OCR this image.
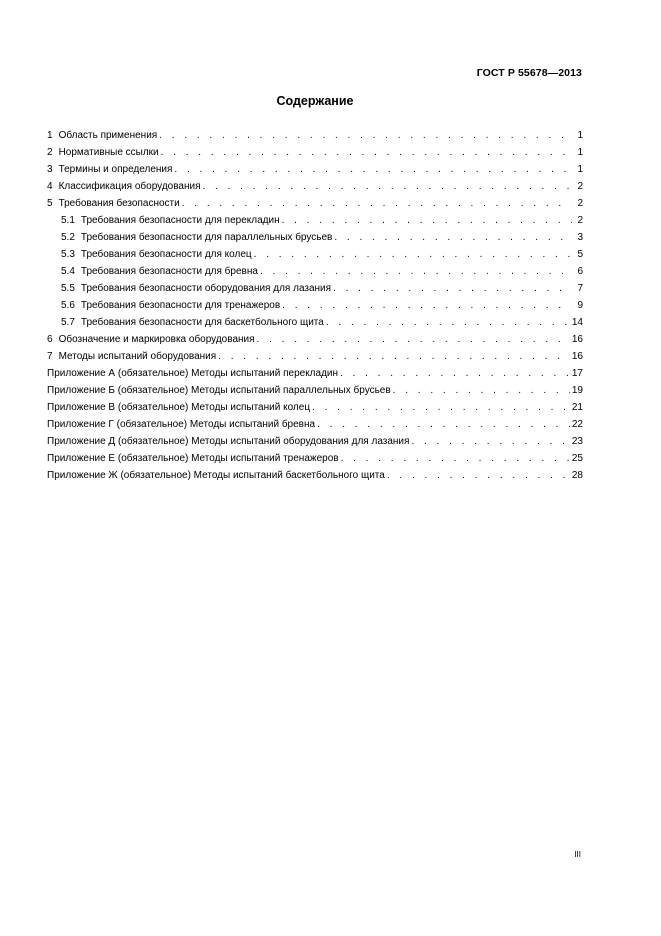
ГОСТ Р 55678—2013
Содержание
1 Область применения . . .	1
2 Нормативные ссылки . . .	1
3 Термины и определения . . .	1
4 Классификация оборудования . . .	2
5 Требования безопасности . . .	2
5.1 Требования безопасности для перекладин . . .	2
5.2 Требования безопасности для параллельных брусьев . . .	3
5.3 Требования безопасности для колец . . .	5
5.4 Требования безопасности для бревна . . .	6
5.5 Требования безопасности оборудования для лазания . . .	7
5.6 Требования безопасности для тренажеров . . .	9
5.7 Требования безопасности для баскетбольного щита . . .	14
6 Обозначение и маркировка оборудования . . .	16
7 Методы испытаний оборудования . . .	16
Приложение А (обязательное) Методы испытаний перекладин . . .	17
Приложение Б (обязательное) Методы испытаний параллельных брусьев . . .	19
Приложение В (обязательное) Методы испытаний колец . . .	21
Приложение Г (обязательное) Методы испытаний бревна . . .	22
Приложение Д (обязательное) Методы испытаний оборудования для лазания . . .	23
Приложение Е (обязательное) Методы испытаний тренажеров . . .	25
Приложение Ж (обязательное) Методы испытаний баскетбольного щита . . .	28
III
